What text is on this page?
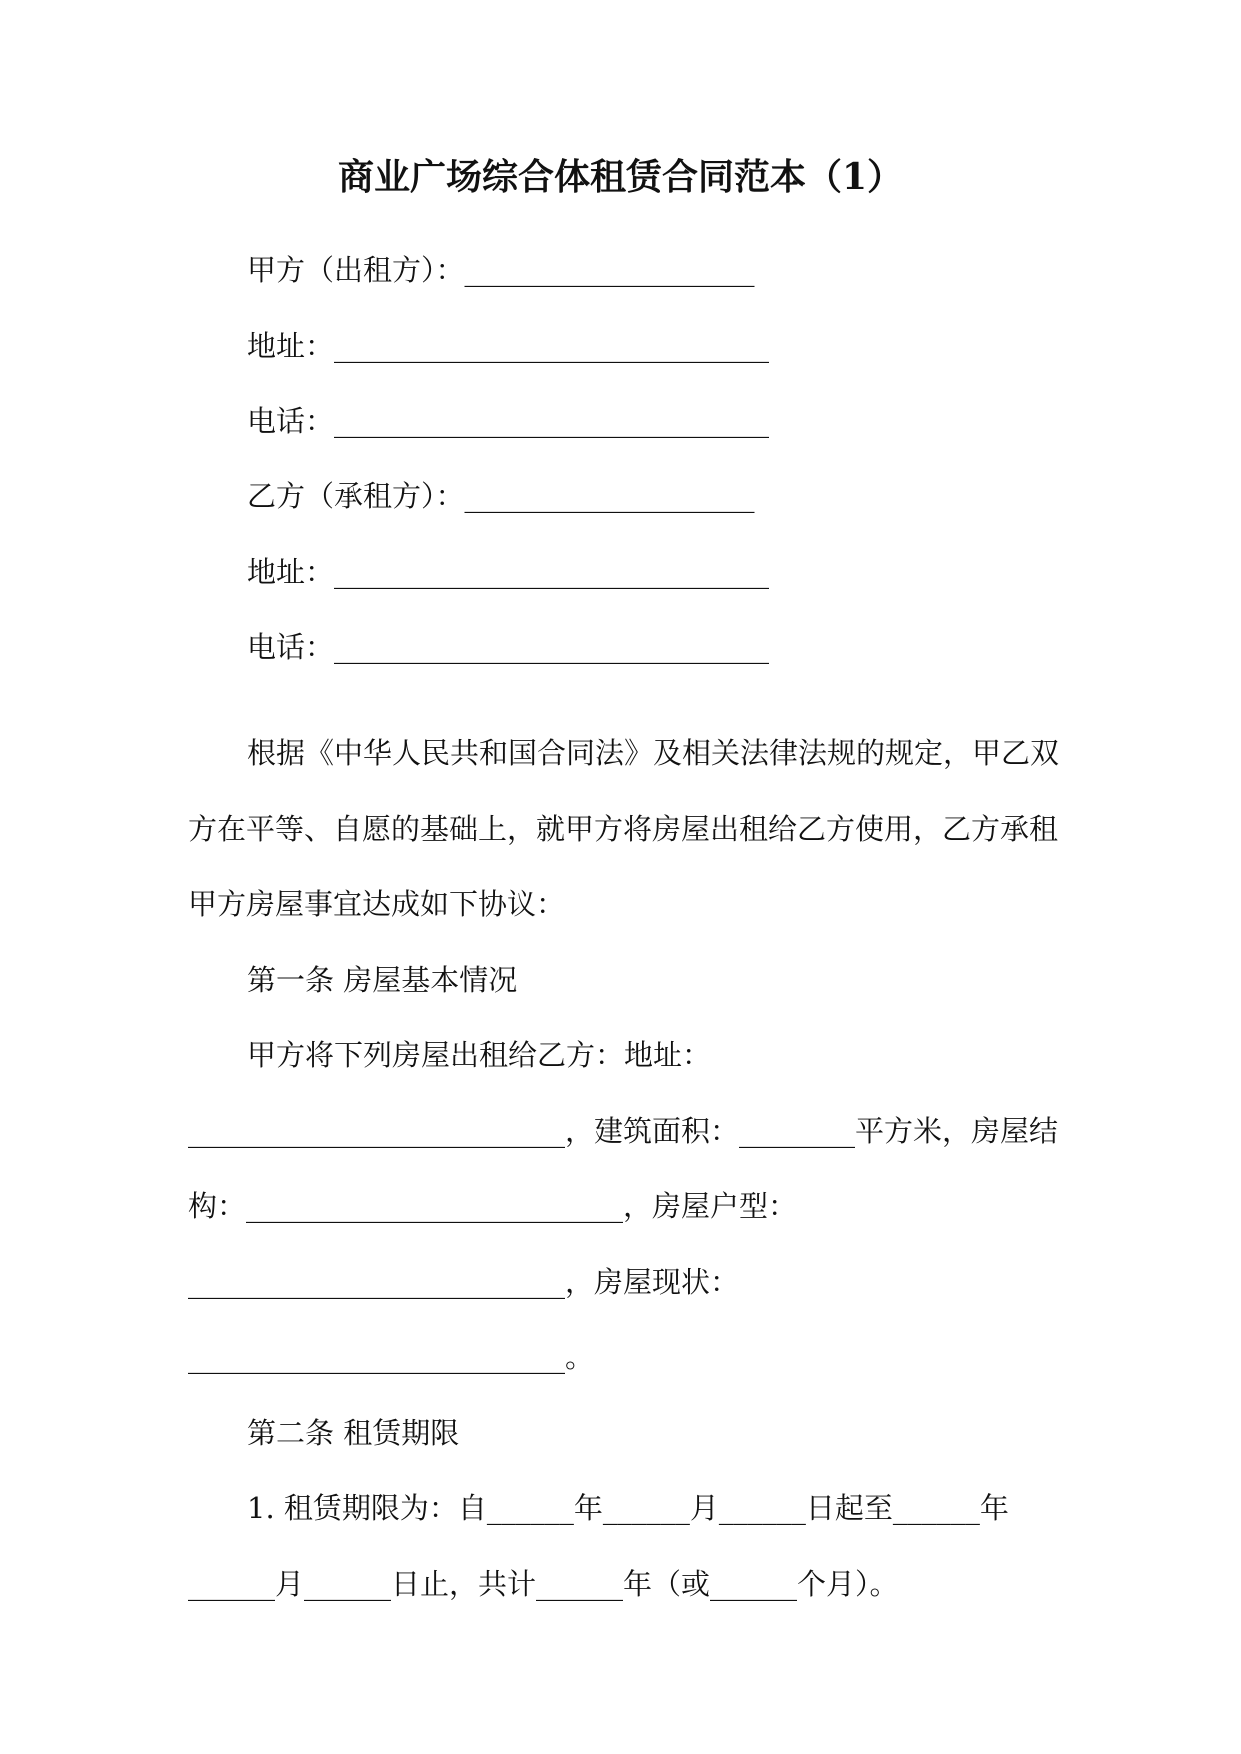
商业广场综合体租赁合同范本（1）
甲方（出租方）：____________________
地址：______________________________
电话：______________________________
乙方（承租方）：____________________
地址：______________________________
电话：______________________________
根据《中华人民共和国合同法》及相关法律法规的规定，甲乙双
方在平等、自愿的基础上，就甲方将房屋出租给乙方使用，乙方承租
甲方房屋事宜达成如下协议：
第一条 房屋基本情况
甲方将下列房屋出租给乙方：地址：
__________________________，建筑面积：________平方米，房屋结
构：__________________________，房屋户型：
__________________________，房屋现状：
__________________________。
第二条 租赁期限
1. 租赁期限为：自______年______月______日起至______年
______月______日止，共计______年（或______个月）。
